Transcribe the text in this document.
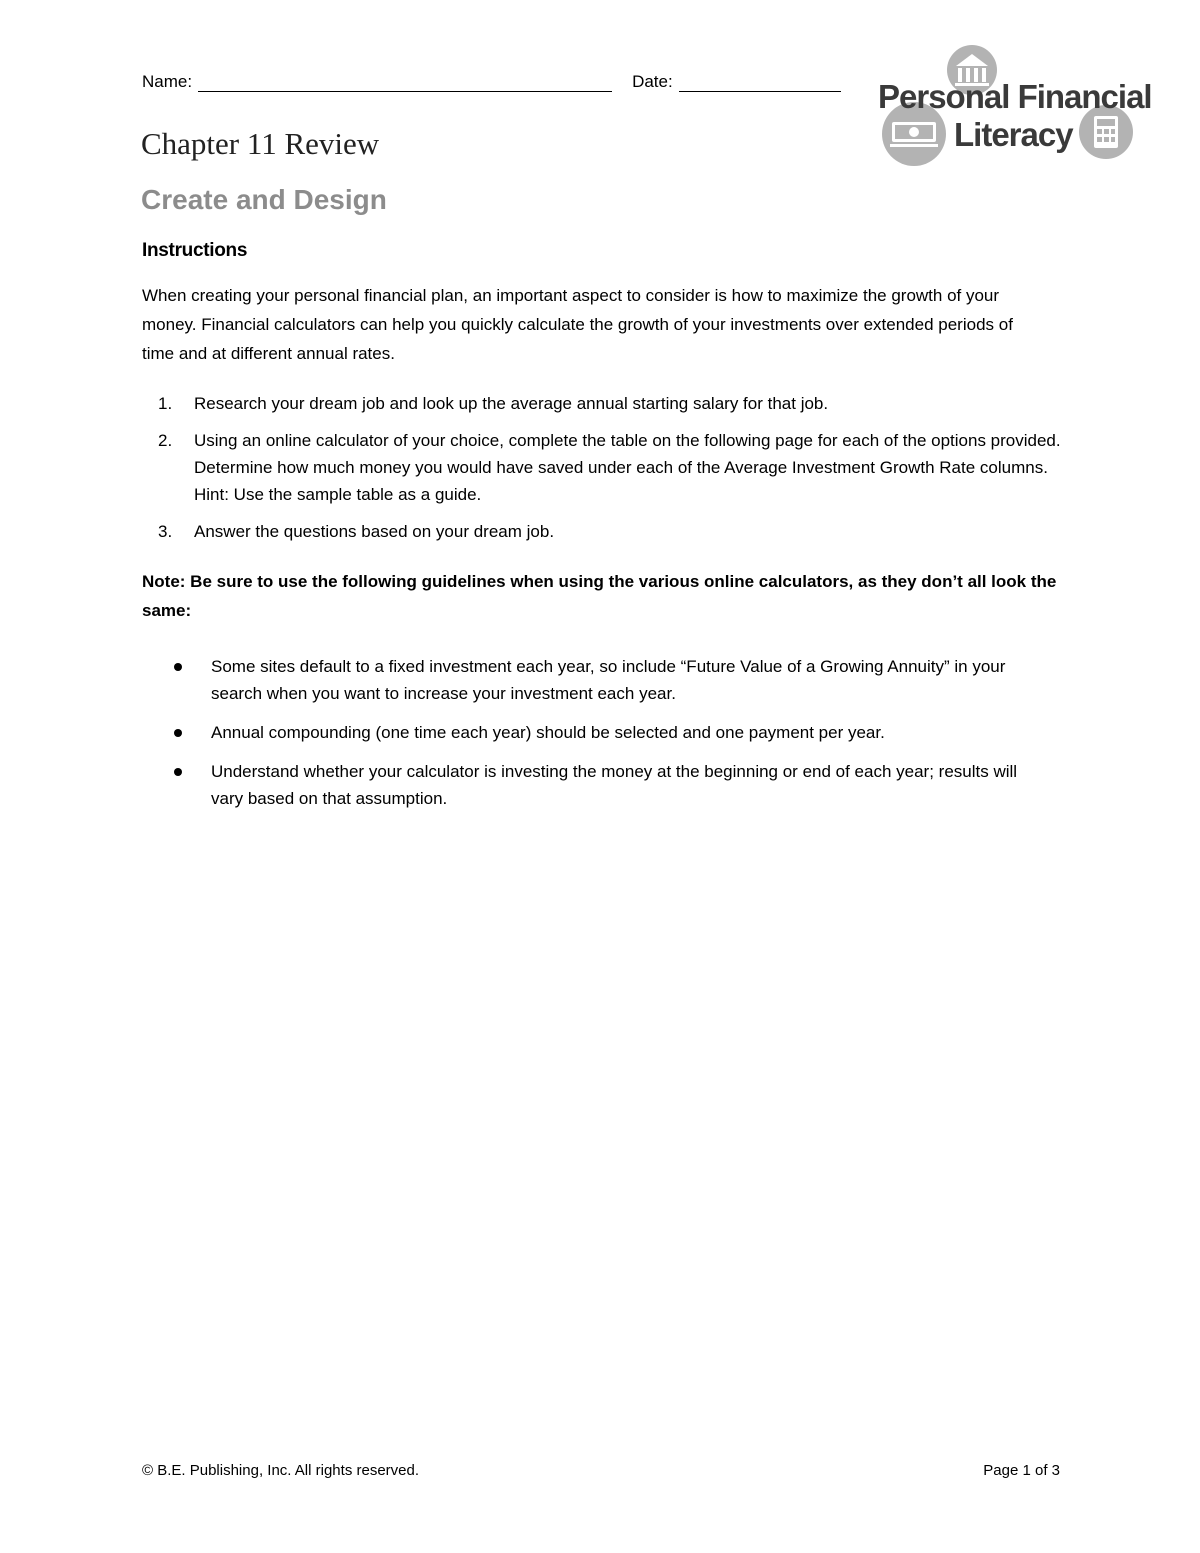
Name:	Date:	Personal Financial
Literacy
Chapter 11 Review
Create and Design
Instructions

When creating your personal financial plan, an important aspect to consider is how to maximize the growth of your money. Financial calculators can help you quickly calculate the growth of your investments over extended periods of time and at different annual rates.

1. Research your dream job and look up the average annual starting salary for that job.
2. Using an online calculator of your choice, complete the table on the following page for each of the options provided. Determine how much money you would have saved under each of the Average Investment Growth Rate columns. Hint: Use the sample table as a guide.
3. Answer the questions based on your dream job.

Note: Be sure to use the following guidelines when using the various online calculators, as they don’t all look the same:

Some sites default to a fixed investment each year, so include “Future Value of a Growing Annuity” in your search when you want to increase your investment each year.
Annual compounding (one time each year) should be selected and one payment per year.
Understand whether your calculator is investing the money at the beginning or end of each year; results will vary based on that assumption.

© B.E. Publishing, Inc. All rights reserved.	Page 1 of 3
